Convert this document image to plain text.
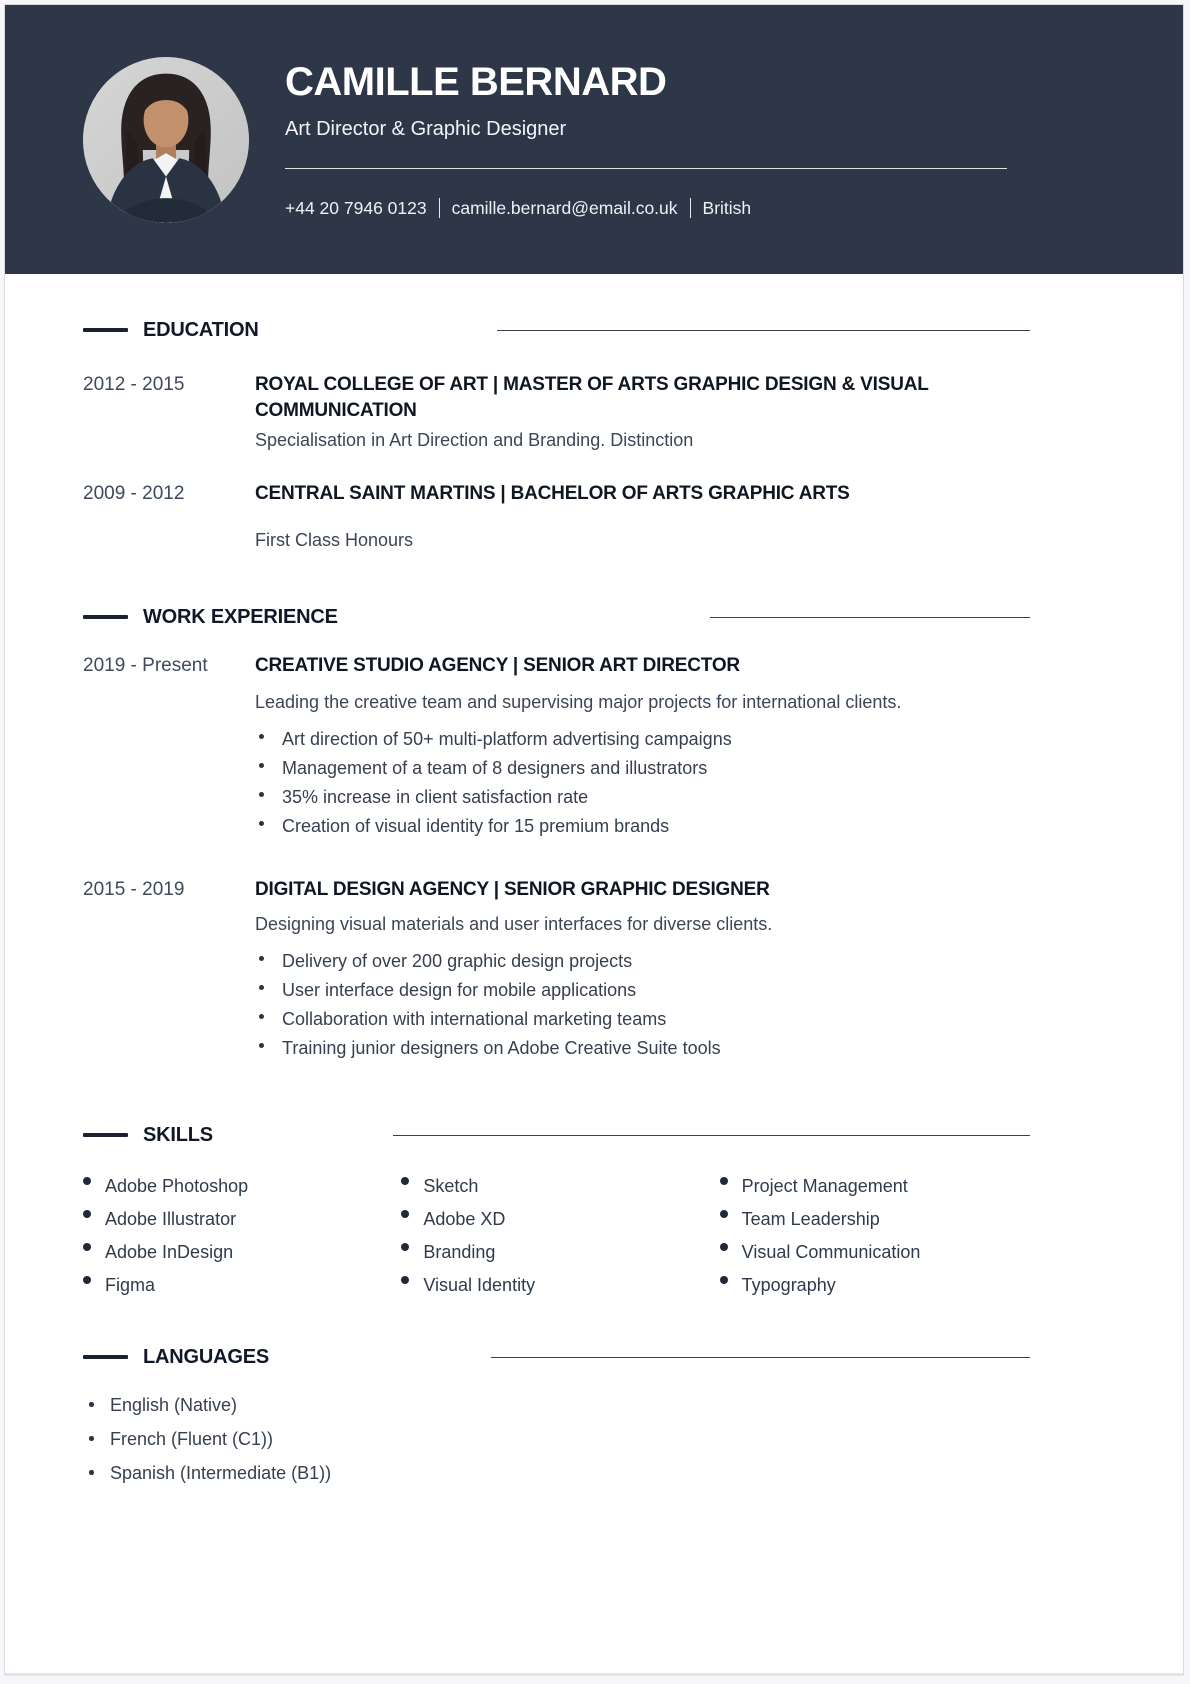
CAMILLE BERNARD
Art Director & Graphic Designer
+44 20 7946 0123 camille.bernard@email.co.uk British
EDUCATION
2012 - 2015	ROYAL COLLEGE OF ART | MASTER OF ARTS GRAPHIC DESIGN & VISUAL COMMUNICATION
Specialisation in Art Direction and Branding. Distinction
2009 - 2012	CENTRAL SAINT MARTINS | BACHELOR OF ARTS GRAPHIC ARTS
First Class Honours
WORK EXPERIENCE
2019 - Present	CREATIVE STUDIO AGENCY | SENIOR ART DIRECTOR
Leading the creative team and supervising major projects for international clients.
Art direction of 50+ multi-platform advertising campaigns
Management of a team of 8 designers and illustrators
35% increase in client satisfaction rate
Creation of visual identity for 15 premium brands
2015 - 2019	DIGITAL DESIGN AGENCY | SENIOR GRAPHIC DESIGNER
Designing visual materials and user interfaces for diverse clients.
Delivery of over 200 graphic design projects
User interface design for mobile applications
Collaboration with international marketing teams
Training junior designers on Adobe Creative Suite tools
SKILLS
Adobe Photoshop
Adobe Illustrator
Adobe InDesign
Figma
Sketch
Adobe XD
Branding
Visual Identity
Project Management
Team Leadership
Visual Communication
Typography
LANGUAGES
English (Native)
French (Fluent (C1))
Spanish (Intermediate (B1))
